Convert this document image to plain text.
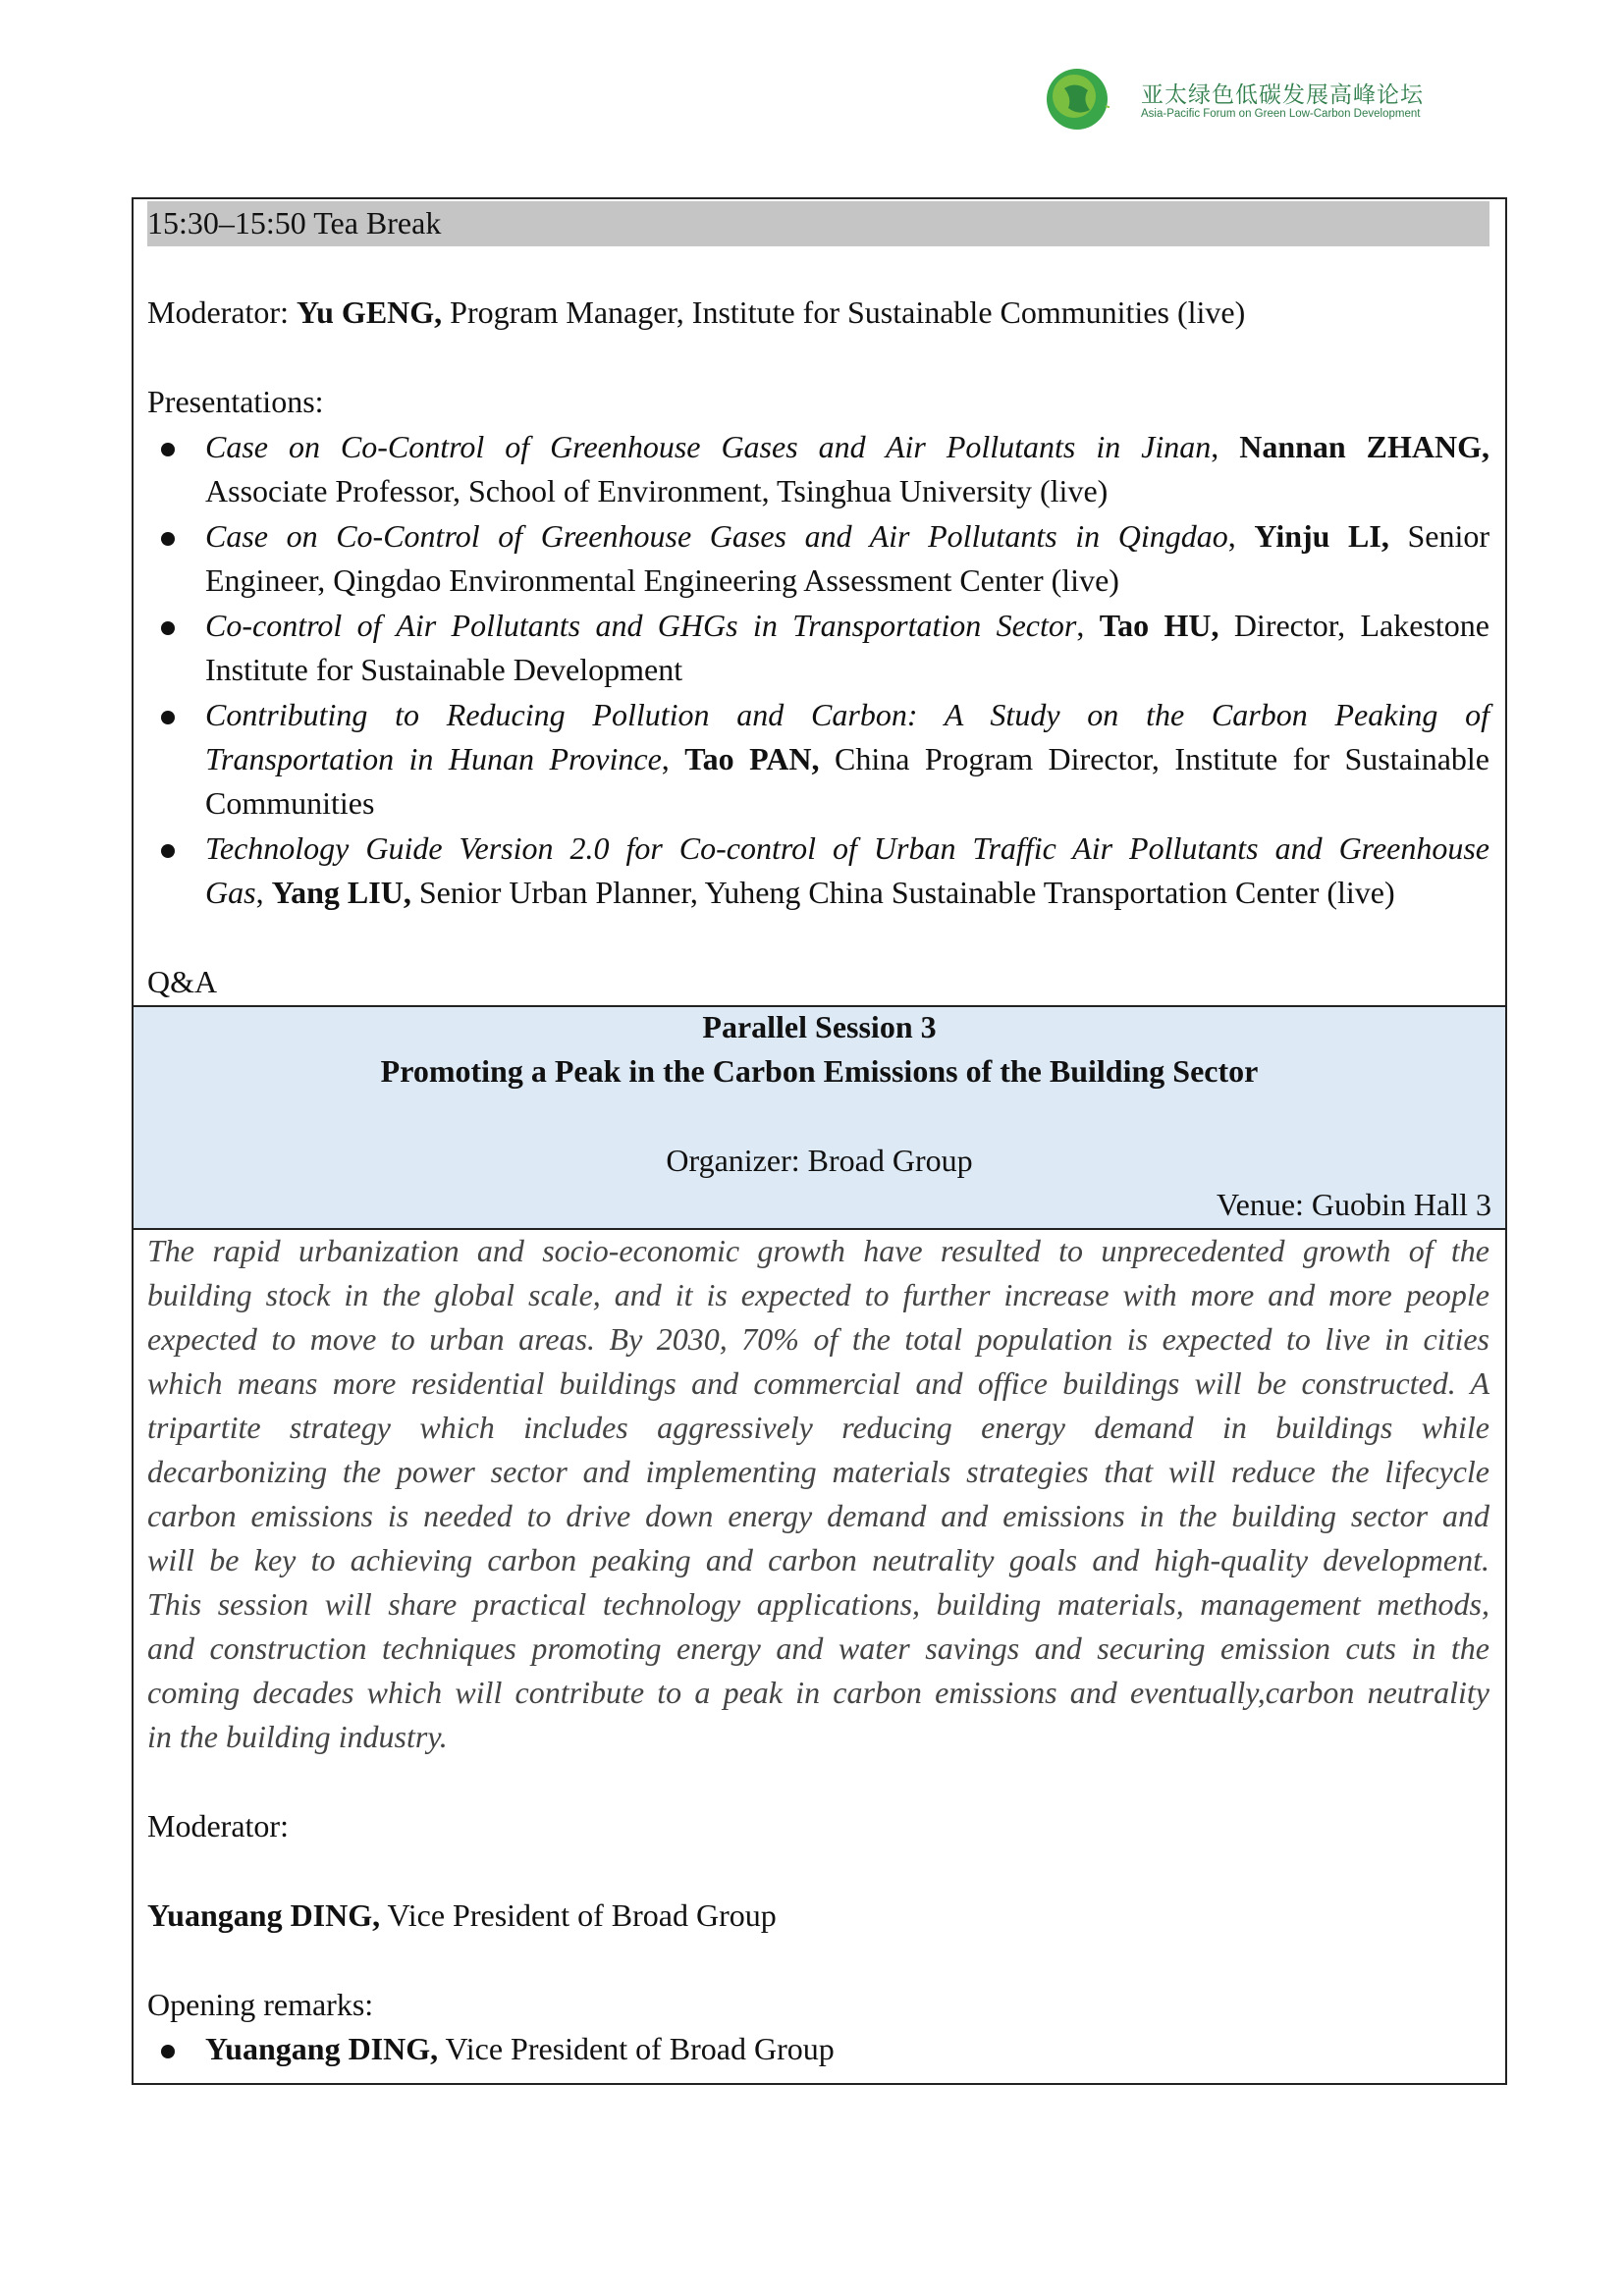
亚太绿色低碳发展高峰论坛
Asia-Pacific Forum on Green Low-Carbon Development
15:30–15:50 Tea Break
Moderator: Yu GENG, Program Manager, Institute for Sustainable Communities (live)
Presentations:
Case on Co-Control of Greenhouse Gases and Air Pollutants in Jinan, Nannan ZHANG,
Associate Professor, School of Environment, Tsinghua University (live)
Case on Co-Control of Greenhouse Gases and Air Pollutants in Qingdao, Yinju LI, Senior
Engineer, Qingdao Environmental Engineering Assessment Center (live)
Co-control of Air Pollutants and GHGs in Transportation Sector, Tao HU, Director, Lakestone
Institute for Sustainable Development
Contributing to Reducing Pollution and Carbon: A Study on the Carbon Peaking of
Transportation in Hunan Province, Tao PAN, China Program Director, Institute for Sustainable
Communities
Technology Guide Version 2.0 for Co-control of Urban Traffic Air Pollutants and Greenhouse
Gas, Yang LIU, Senior Urban Planner, Yuheng China Sustainable Transportation Center (live)
Q&A
Parallel Session 3
Promoting a Peak in the Carbon Emissions of the Building Sector
Organizer: Broad Group
Venue: Guobin Hall 3
The rapid urbanization and socio-economic growth have resulted to unprecedented growth of the
building stock in the global scale, and it is expected to further increase with more and more people
expected to move to urban areas. By 2030, 70% of the total population is expected to live in cities
which means more residential buildings and commercial and office buildings will be constructed. A
tripartite strategy which includes aggressively reducing energy demand in buildings while
decarbonizing the power sector and implementing materials strategies that will reduce the lifecycle
carbon emissions is needed to drive down energy demand and emissions in the building sector and
will be key to achieving carbon peaking and carbon neutrality goals and high-quality development.
This session will share practical technology applications, building materials, management methods,
and construction techniques promoting energy and water savings and securing emission cuts in the
coming decades which will contribute to a peak in carbon emissions and eventually,carbon neutrality
in the building industry.
Moderator:
Yuangang DING, Vice President of Broad Group
Opening remarks:
Yuangang DING, Vice President of Broad Group
